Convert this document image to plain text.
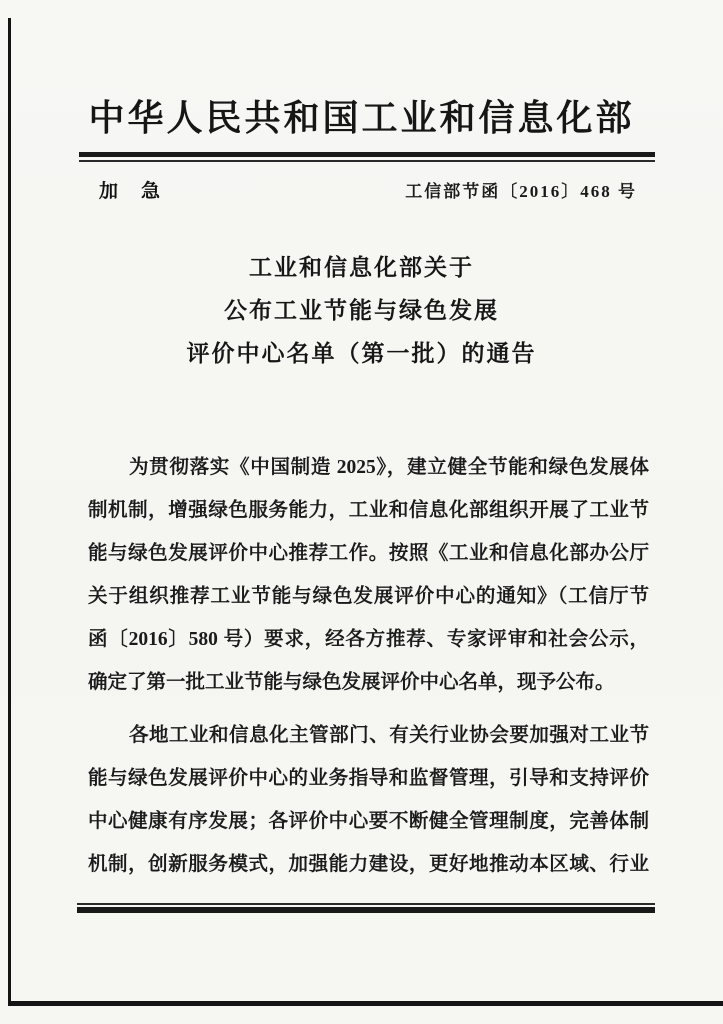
中华人民共和国工业和信息化部
加　急	工信部节函〔2016〕468 号
工业和信息化部关于
公布工业节能与绿色发展
评价中心名单（第一批）的通告

为贯彻落实《中国制造 2025》，建立健全节能和绿色发展体
制机制，增强绿色服务能力，工业和信息化部组织开展了工业节
能与绿色发展评价中心推荐工作。按照《工业和信息化部办公厅
关于组织推荐工业节能与绿色发展评价中心的通知》（工信厅节
函〔2016〕580 号）要求，经各方推荐、专家评审和社会公示，
确定了第一批工业节能与绿色发展评价中心名单，现予公布。

各地工业和信息化主管部门、有关行业协会要加强对工业节
能与绿色发展评价中心的业务指导和监督管理，引导和支持评价
中心健康有序发展；各评价中心要不断健全管理制度，完善体制
机制，创新服务模式，加强能力建设，更好地推动本区域、行业
